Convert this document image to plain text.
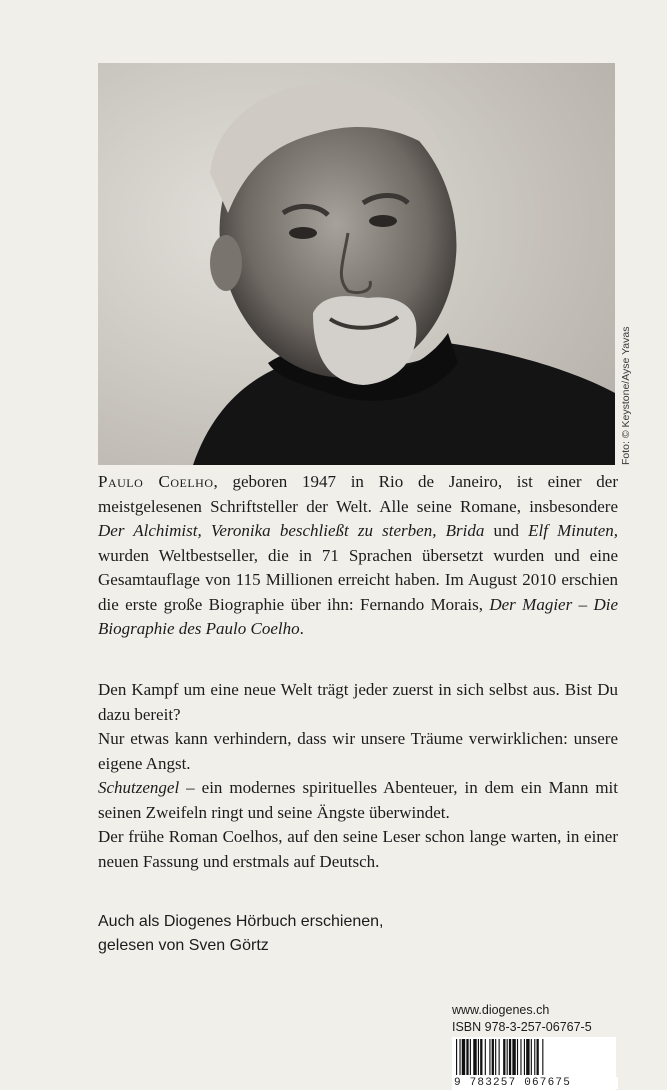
Foto: © Keystone/Ayse Yavas

Paulo Coelho, geboren 1947 in Rio de Janeiro, ist einer der meistgelesenen Schriftsteller der Welt. Alle seine Romane, insbesondere Der Alchimist, Veronika beschließt zu sterben, Brida und Elf Minuten, wurden Weltbestseller, die in 71 Sprachen übersetzt wurden und eine Gesamtauflage von 115 Millionen erreicht haben. Im August 2010 erschien die erste große Biographie über ihn: Fernando Morais, Der Magier – Die Biographie des Paulo Coelho.

Den Kampf um eine neue Welt trägt jeder zuerst in sich selbst aus. Bist Du dazu bereit?

Nur etwas kann verhindern, dass wir unsere Träume verwirklichen: unsere eigene Angst.

Schutzengel – ein modernes spirituelles Abenteuer, in dem ein Mann mit seinen Zweifeln ringt und seine Ängste überwindet.

Der frühe Roman Coelhos, auf den seine Leser schon lange warten, in einer neuen Fassung und erstmals auf Deutsch.

Auch als Diogenes Hörbuch erschienen,

gelesen von Sven Görtz

www.diogenes.ch
ISBN 978-3-257-06767-5
9 783257 067675
